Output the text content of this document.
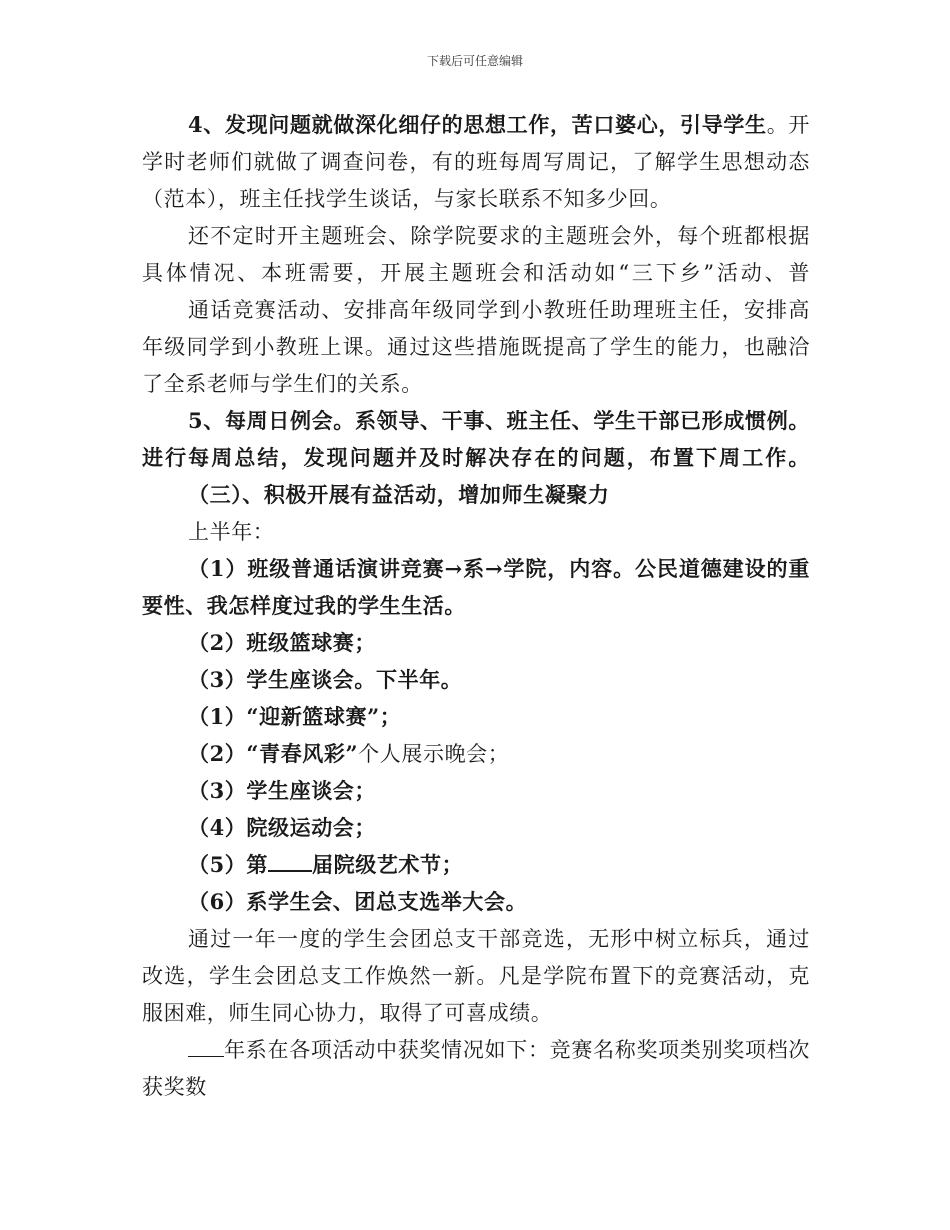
下载后可任意编辑
4、发现问题就做深化细仔的思想工作，苦口婆心，引导学生。开
学时老师们就做了调查问卷，有的班每周写周记，了解学生思想动态
（范本），班主任找学生谈话，与家长联系不知多少回。
还不定时开主题班会、除学院要求的主题班会外，每个班都根据
具体情况、本班需要，开展主题班会和活动如“三下乡”活动、普
通话竞赛活动、安排高年级同学到小教班任助理班主任，安排高
年级同学到小教班上课。通过这些措施既提高了学生的能力，也融洽
了全系老师与学生们的关系。
5、每周日例会。系领导、干事、班主任、学生干部已形成惯例。
进行每周总结，发现问题并及时解决存在的问题，布置下周工作。
（三）、积极开展有益活动，增加师生凝聚力
上半年：
（1）班级普通话演讲竞赛→系→学院，内容。公民道德建设的重
要性、我怎样度过我的学生生活。
（2）班级篮球赛；
（3）学生座谈会。下半年。
（1）“迎新篮球赛”；
（2）“青春风彩”个人展示晚会；
（3）学生座谈会；
（4）院级运动会；
（5）第 届院级艺术节；
（6）系学生会、团总支选举大会。
通过一年一度的学生会团总支干部竞选，无形中树立标兵，通过
改选，学生会团总支工作焕然一新。凡是学院布置下的竞赛活动，克
服困难，师生同心协力，取得了可喜成绩。
年系在各项活动中获奖情况如下：竞赛名称奖项类别奖项档次
获奖数
